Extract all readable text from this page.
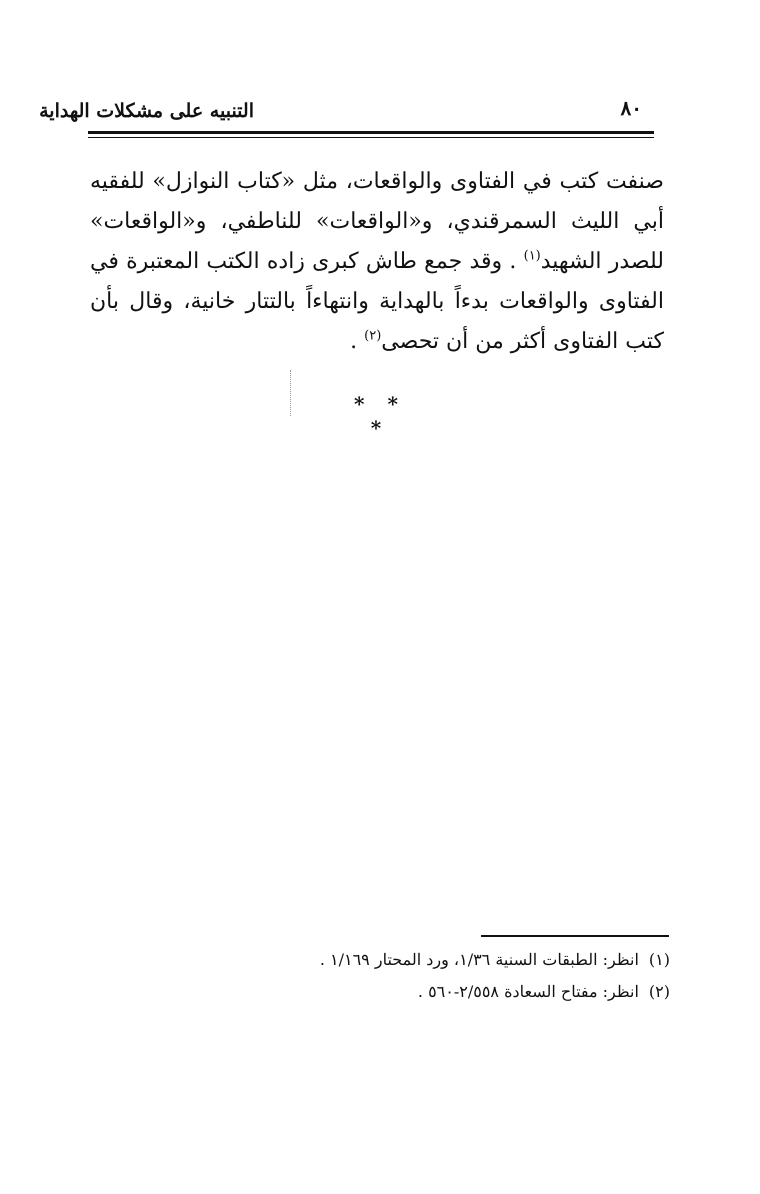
٨٠
التنبيه على مشكلات الهداية

صنفت كتب في الفتاوى والواقعات، مثل «كتاب النوازل» للفقيه أبي الليث السمرقندي، و«الواقعات» للناطفي، و«الواقعات» للصدر الشهيد$^{(١)}$ . وقد جمع طاش كبرى زاده الكتب المعتبرة في الفتاوى والواقعات بدءاً بالهداية وانتهاءاً بالتتار خانية، وقال بأن كتب الفتاوى أكثر من أن تحصى$^{(٢)}$ .

* * *
(١)انظر: الطبقات السنية ١/٣٦، ورد المحتار ١/١٦٩ .
(٢)انظر: مفتاح السعادة ٢/٥٥٨-٥٦٠ .
